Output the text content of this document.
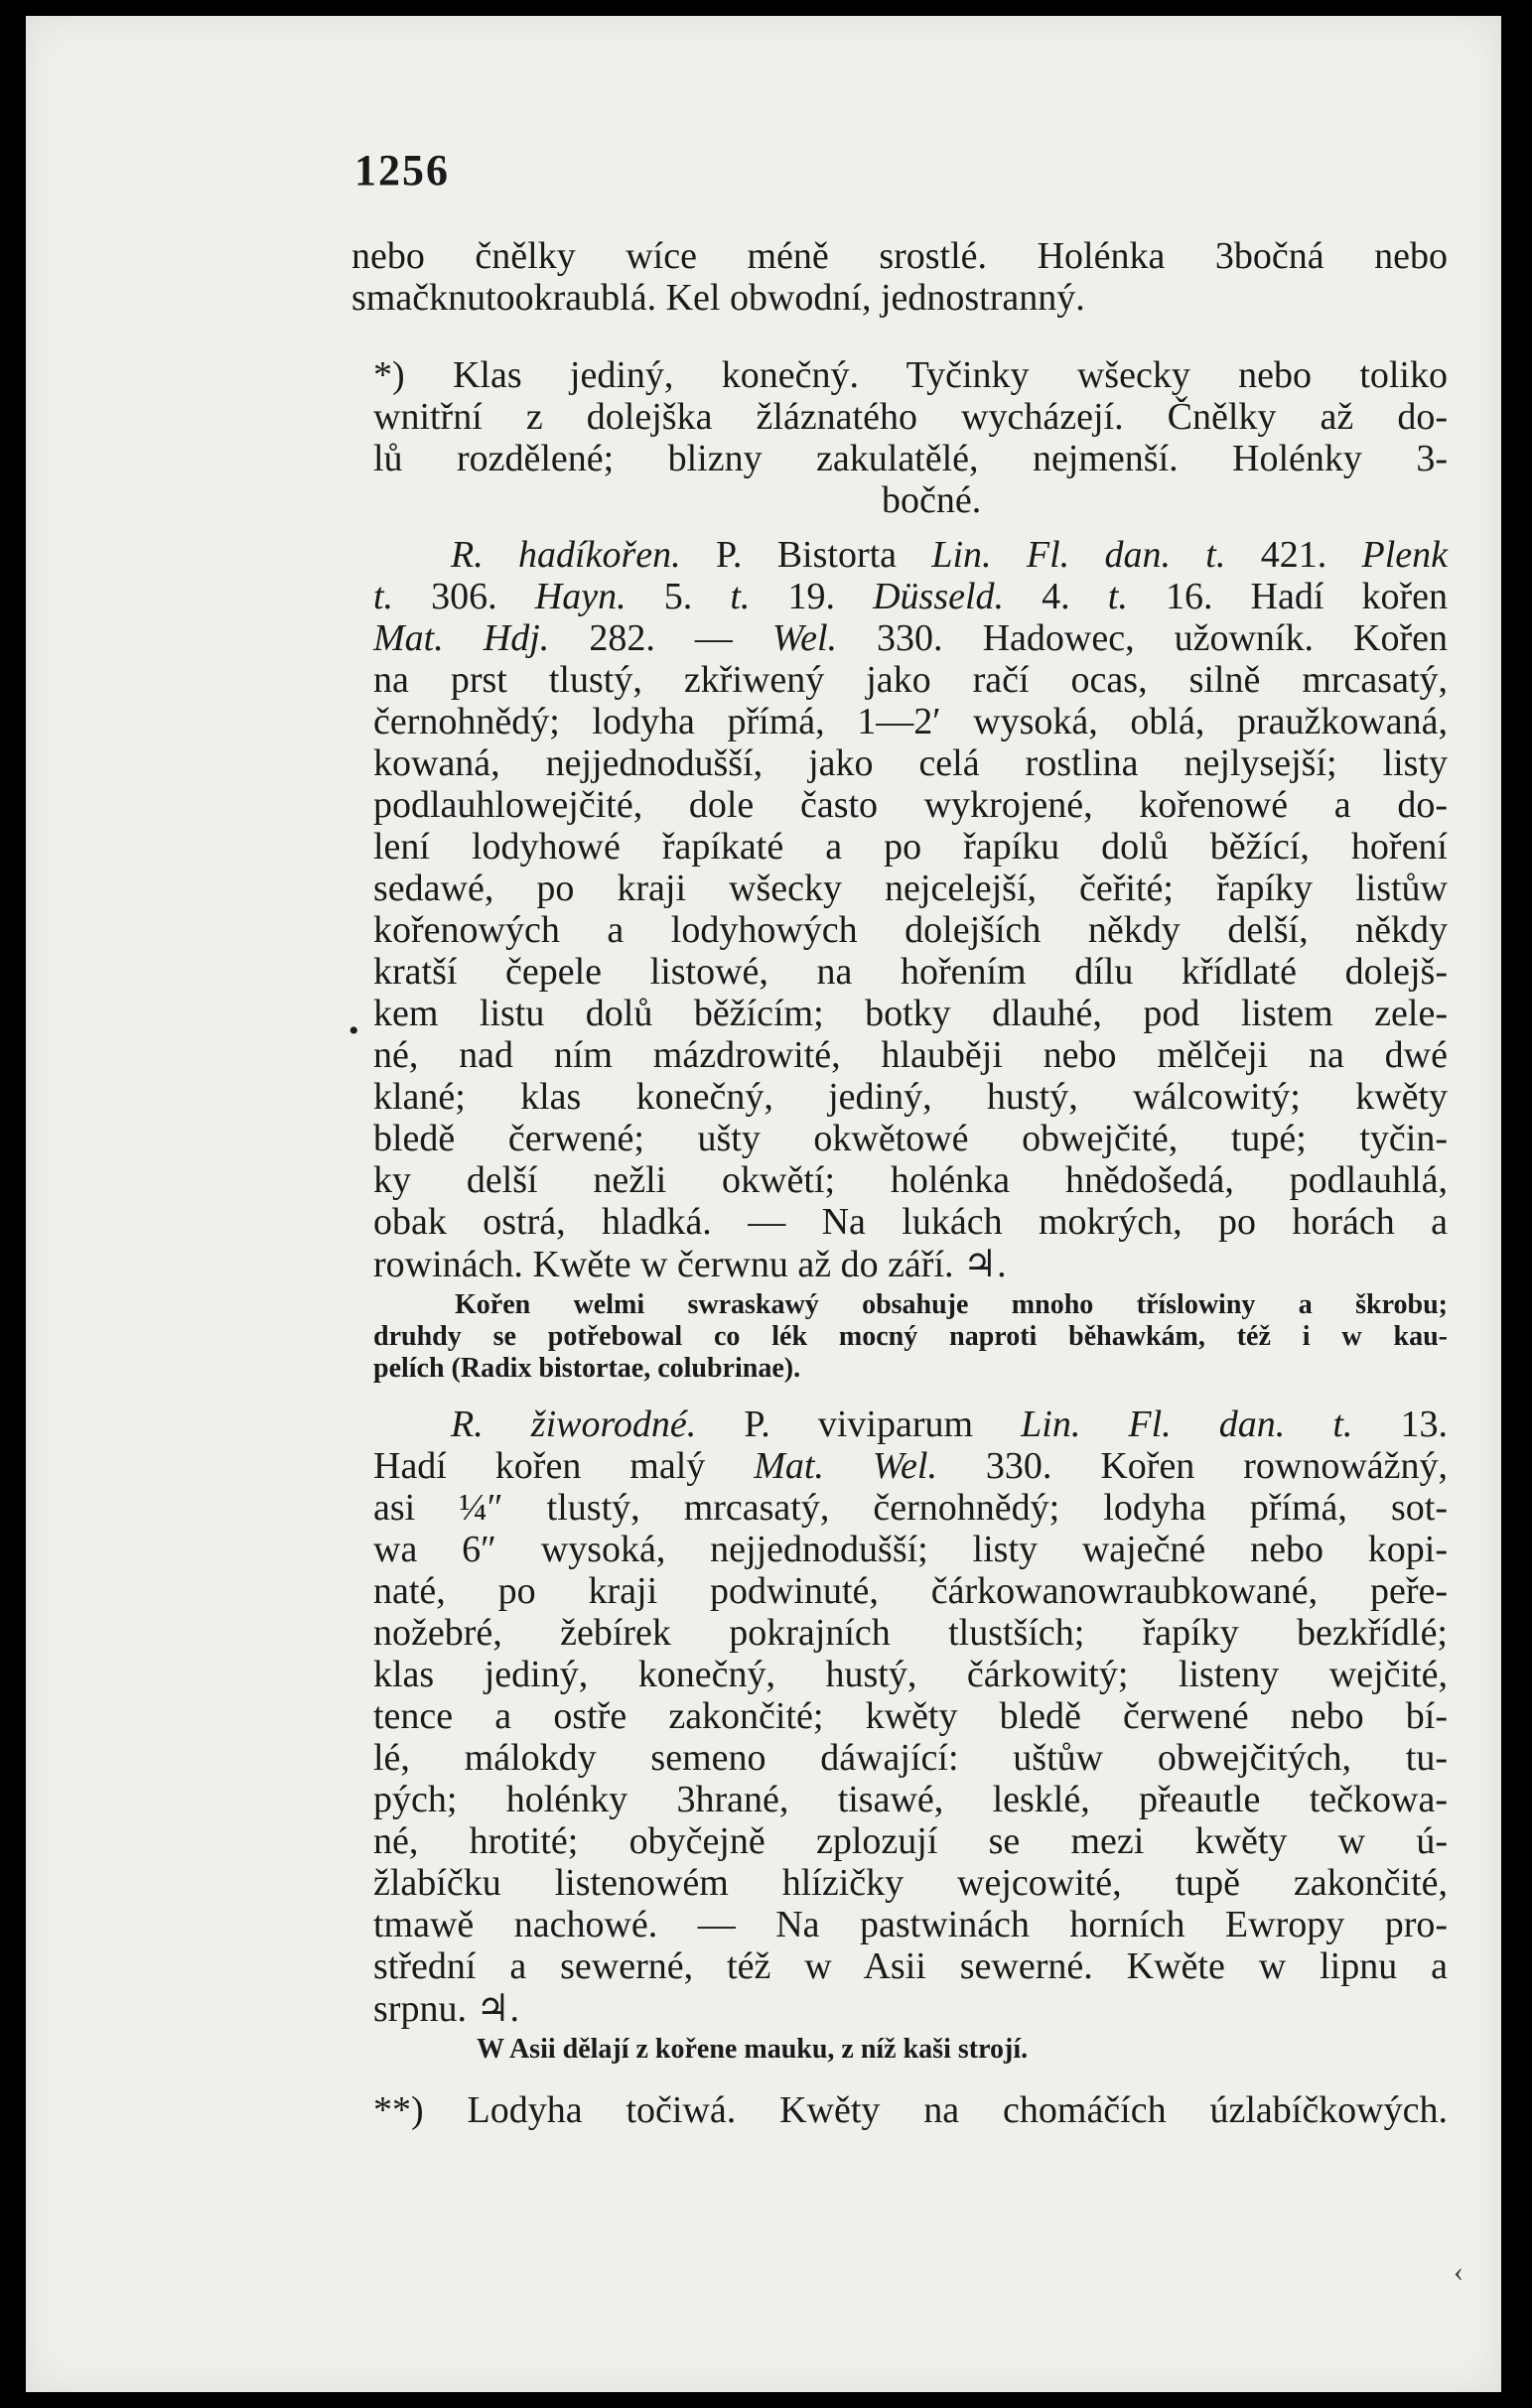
1256

nebo čnělky wíce méně srostlé. Holénka 3bočná nebo

smačknutookraublá. Kel obwodní, jednostranný.

*) Klas jediný, konečný. Tyčinky wšecky nebo toliko

wnitřní z dolejška žláznatého wycházejí. Čnělky až do-

lů rozdělené; blizny zakulatělé, nejmenší. Holénky 3-

bočné.

R. hadíkořen. P. Bistorta Lin. Fl. dan. t. 421. Plenk

t. 306. Hayn. 5. t. 19. Düsseld. 4. t. 16. Hadí kořen

Mat. Hdj. 282. — Wel. 330. Hadowec, užowník. Kořen

na prst tlustý, zkřiwený jako račí ocas, silně mrcasatý,

černohnědý; lodyha přímá, 1—2′ wysoká, oblá, praužkowaná,

kowaná, nejjednodušší, jako celá rostlina nejlysejší; listy

podlauhlowejčité, dole často wykrojené, kořenowé a do-

lení lodyhowé řapíkaté a po řapíku dolů běžící, hoření

sedawé, po kraji wšecky nejcelejší, čeřité; řapíky listůw

kořenowých a lodyhowých dolejších někdy delší, někdy

kratší čepele listowé, na hořením dílu křídlaté dolejš-

• kem listu dolů běžícím; botky dlauhé, pod listem zele-

né, nad ním mázdrowité, hlauběji nebo mělčeji na dwé

klané; klas konečný, jediný, hustý, wálcowitý; kwěty

bledě čerwené; ušty okwětowé obwejčité, tupé; tyčin-

ky delší nežli okwětí; holénka hnědošedá, podlauhlá,

obak ostrá, hladká. — Na lukách mokrých, po horách a

rowinách. Kwěte w čerwnu až do září. ♃.

Kořen welmi swraskawý obsahuje mnoho tříslowiny a škrobu;

druhdy se potřebowal co lék mocný naproti běhawkám, též i w kau-

pelích (Radix bistortae, colubrinae).

R. žiworodné. P. viviparum Lin. Fl. dan. t. 13.

Hadí kořen malý Mat. Wel. 330. Kořen rownowážný,

asi ¼″ tlustý, mrcasatý, černohnědý; lodyha přímá, sot-

wa 6″ wysoká, nejjednodušší; listy waječné nebo kopi-

naté, po kraji podwinuté, čárkowanowraubkowané, peře-

nožebré, žebírek pokrajních tlustších; řapíky bezkřídlé;

klas jediný, konečný, hustý, čárkowitý; listeny wejčité,

tence a ostře zakončité; kwěty bledě čerwené nebo bí-

lé, málokdy semeno dáwající: uštůw obwejčitých, tu-

pých; holénky 3hrané, tisawé, lesklé, přeautle tečkowa-

né, hrotité; obyčejně zplozují se mezi kwěty w ú-

žlabíčku listenowém hlízičky wejcowité, tupě zakončité,

tmawě nachowé. — Na pastwinách horních Ewropy pro-

střední a sewerné, též w Asii sewerné. Kwěte w lipnu a

srpnu. ♃.

W Asii dělají z kořene mauku, z níž kaši strojí.

**) Lodyha točiwá. Kwěty na chomáčích úzlabíčkowých.

‹
